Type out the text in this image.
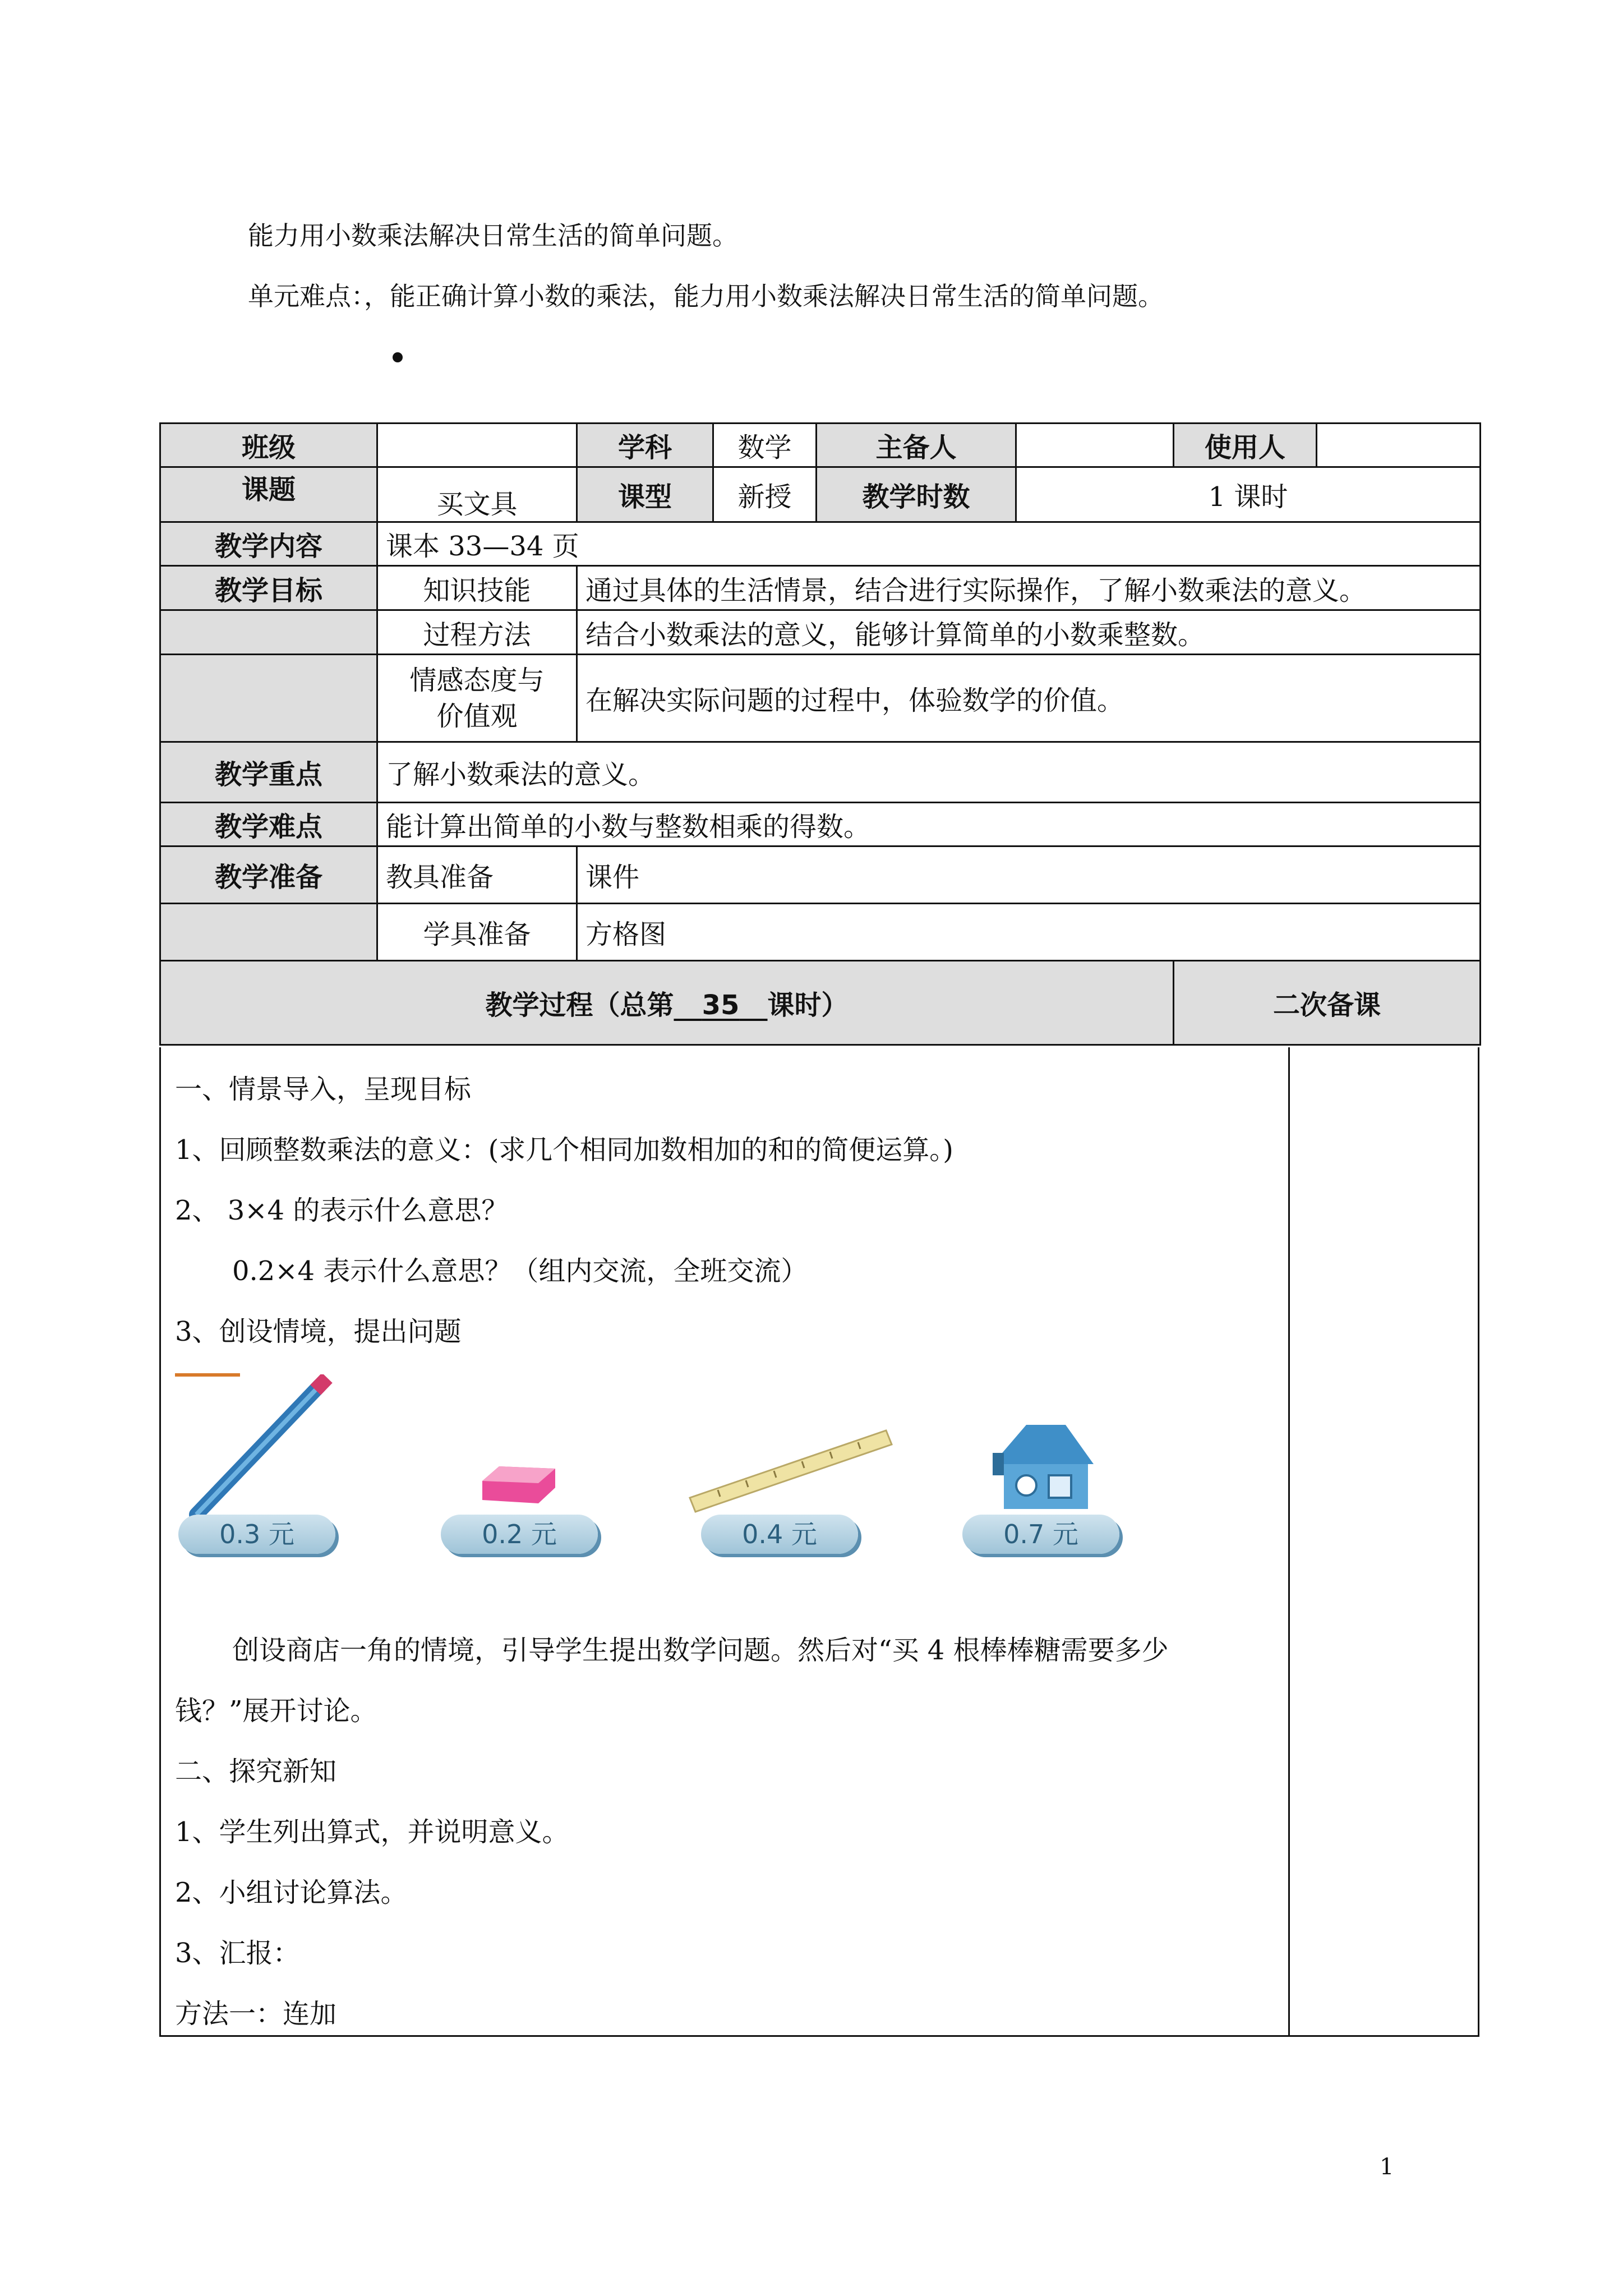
能力用小数乘法解决日常生活的简单问题。
单元难点：，能正确计算小数的乘法，能力用小数乘法解决日常生活的简单问题。
班级		学科	数学	主备人		使用人	
课题	买文具	课型	新授	教学时数	1 课时		
教学内容	课本 33—34 页						
教学目标	知识技能	通过具体的生活情景，结合进行实际操作，了解小数乘法的意义。					
	过程方法	结合小数乘法的意义，能够计算简单的小数乘整数。					
	情感态度与
价值观	在解决实际问题的过程中，体验数学的价值。					
教学重点	了解小数乘法的意义。						
教学难点	能计算出简单的小数与整数相乘的得数。						
教学准备	教具准备	课件					
	学具准备	方格图					
教学过程（总第 35 课时）						二次备课	
一、情景导入，呈现目标
1、回顾整数乘法的意义：(求几个相同加数相加的和的简便运算。)
2、 3×4 的表示什么意思？
0.2×4 表示什么意思？（组内交流，全班交流）
3、创设情境，提出问题
0.3 元	0.2 元	0.4 元	0.7 元
创设商店一角的情境，引导学生提出数学问题。然后对“买 4 根棒棒糖需要多少
钱？”展开讨论。
二、探究新知
1、学生列出算式，并说明意义。
2、小组讨论算法。
3、汇报：
方法一：连加
1
